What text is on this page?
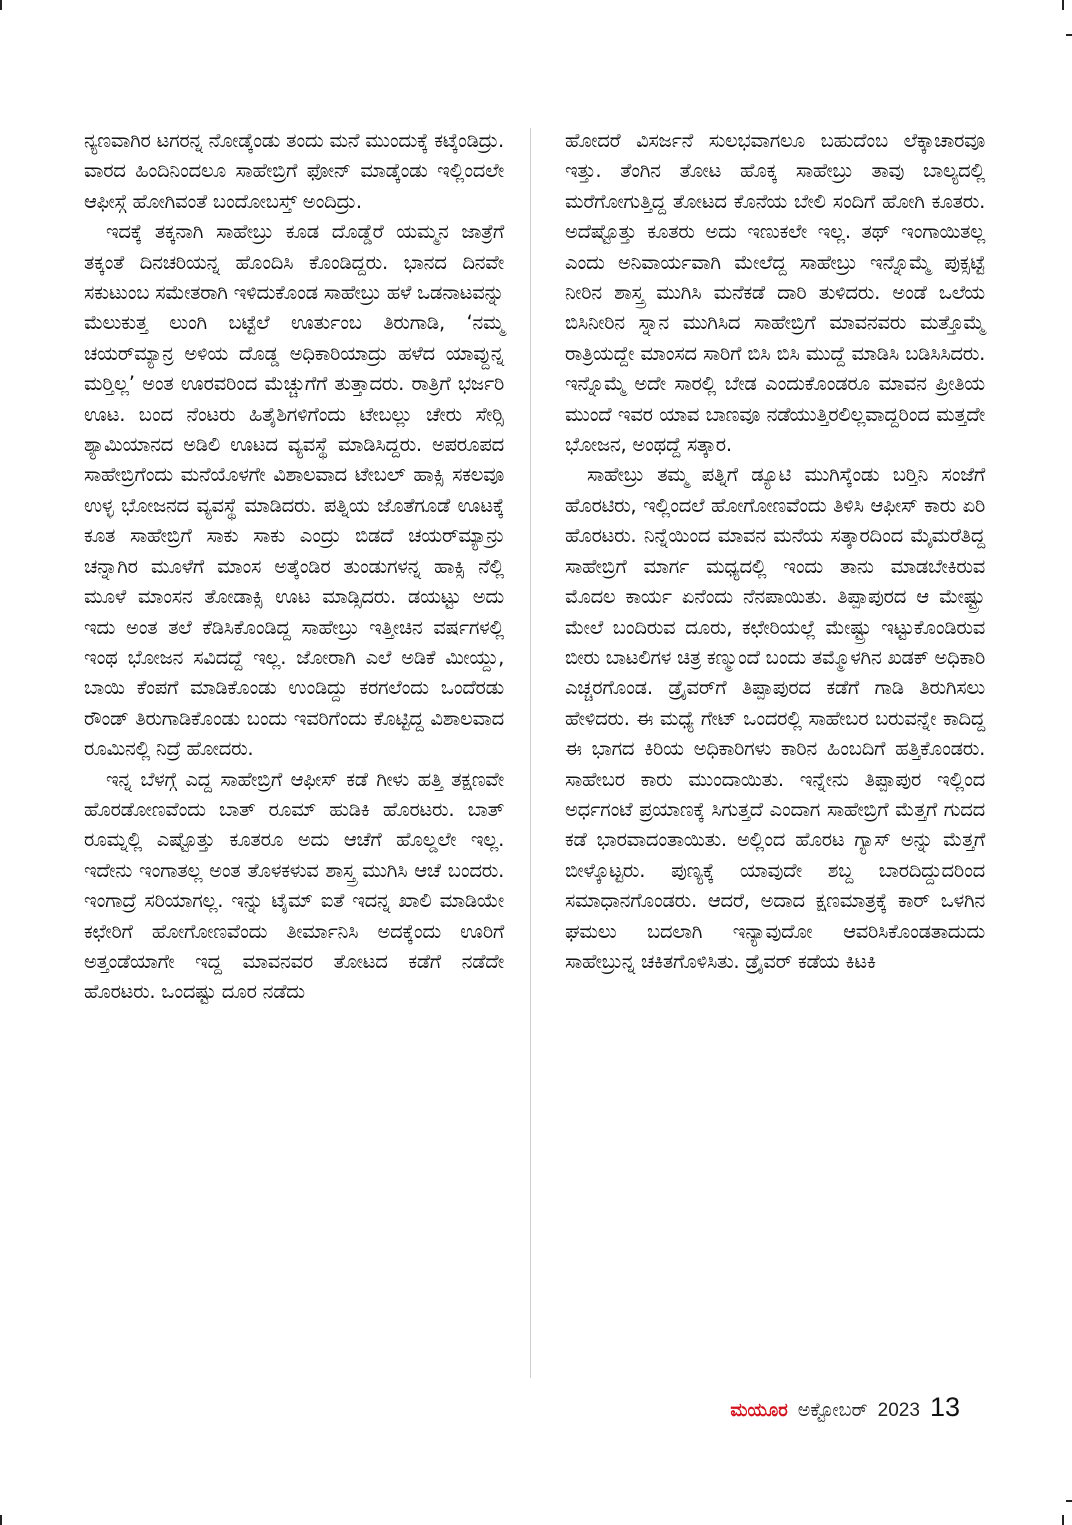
ನ್ಯಣವಾಗಿರ ಟಗರನ್ನ ನೋಡ್ಕೆಂಡು ತಂದು ಮನೆ ಮುಂದುಕ್ಕೆ ಕಟ್ಕೆಂಡಿದ್ರು. ವಾರದ ಹಿಂದಿನಿಂದಲೂ ಸಾಹೇಬ್ರಿಗೆ ಫೋನ್ ಮಾಡ್ಕೆಂಡು ಇಲ್ಲಿಂದಲೇ ಆಫೀಸ್ಗೆ ಹೋಗಿವಂತೆ ಬಂದೋಬಸ್ತ್ ಅಂದಿದ್ರು.

ಇದಕ್ಕೆ ತಕ್ಕನಾಗಿ ಸಾಹೇಬ್ರು ಕೂಡ ದೊಡ್ಡೆರೆ ಯಮ್ಮನ ಜಾತ್ರೆಗೆ ತಕ್ಕಂತೆ ದಿನಚರಿಯನ್ನ ಹೊಂದಿಸಿ ಕೊಂಡಿದ್ದರು. ಭಾನದ ದಿನವೇ ಸಕುಟುಂಬ ಸಮೇತರಾಗಿ ಇಳಿದುಕೊಂಡ ಸಾಹೇಬ್ರು ಹಳೆ ಒಡನಾಟವನ್ನು ಮೆಲುಕುತ್ತ ಲುಂಗಿ ಬಟ್ಟೆಲೆ ಊರ್ತುಂಬ ತಿರುಗಾಡಿ, ‘ನಮ್ಮ ಚಯರ್‌ಮ್ಯಾನ್ರ ಅಳಿಯ ದೊಡ್ಡ ಅಧಿಕಾರಿಯಾದ್ರು ಹಳೆದ ಯಾವ್ದುನ್ನ ಮರ್‍ತಿಲ್ಲ’ ಅಂತ ಊರವರಿಂದ ಮೆಚ್ಚುಗೆಗೆ ತುತ್ತಾದರು. ರಾತ್ರಿಗೆ ಭರ್ಜರಿ ಊಟ. ಬಂದ ನೆಂಟರು ಹಿತೈಶಿಗಳಿಗೆಂದು ಟೇಬಲ್ಲು ಚೇರು ಸೇರ್‍ಸಿ ಶ್ಯಾಮಿಯಾನದ ಅಡಿಲಿ ಊಟದ ವ್ಯವಸ್ಥೆ ಮಾಡಿಸಿದ್ದರು. ಅಪರೂಪದ ಸಾಹೇಬ್ರಿಗೆಂದು ಮನೆಯೊಳಗೇ ವಿಶಾಲವಾದ ಟೇಬಲ್ ಹಾಕ್ಸಿ ಸಕಲವೂ ಉಳ್ಳ ಭೋಜನದ ವ್ಯವಸ್ಥೆ ಮಾಡಿದರು. ಪತ್ನಿಯ ಜೊತೆಗೂಡೆ ಊಟಕ್ಕೆ ಕೂತ ಸಾಹೇಬ್ರಿಗೆ ಸಾಕು ಸಾಕು ಎಂದ್ರು ಬಿಡದೆ ಚಯರ್‌ಮ್ಯಾನ್ರು ಚನ್ನಾಗಿರ ಮೂಳೆಗೆ ಮಾಂಸ ಅತ್ಕೆಂಡಿರ ತುಂಡುಗಳನ್ನ ಹಾಕ್ಸಿ ನೆಲ್ಲಿ ಮೂಳೆ ಮಾಂಸನ ತೋಡಾಕ್ಸಿ ಊಟ ಮಾಡ್ಸಿದರು. ಡಯಟ್ಟು ಅದು ಇದು ಅಂತ ತಲೆ ಕೆಡಿಸಿಕೊಂಡಿದ್ದ ಸಾಹೇಬ್ರು ಇತ್ತೀಚಿನ ವರ್ಷಗಳಲ್ಲಿ ಇಂಥ ಭೋಜನ ಸವಿದದ್ದೆ ಇಲ್ಲ. ಜೋರಾಗಿ ಎಲೆ ಅಡಿಕೆ ಮೀಯ್ದು, ಬಾಯಿ ಕೆಂಪಗೆ ಮಾಡಿಕೊಂಡು ಉಂಡಿದ್ದು ಕರಗಲೆಂದು ಒಂದೆರಡು ರೌಂಡ್ ತಿರುಗಾಡಿಕೊಂಡು ಬಂದು ಇವರಿಗೆಂದು ಕೊಟ್ಟಿದ್ದ ವಿಶಾಲವಾದ ರೂಮಿನಲ್ಲಿ ನಿದ್ರೆ ಹೋದರು.

ಇನ್ನ ಬೆಳಗ್ಗೆ ಎದ್ದ ಸಾಹೇಬ್ರಿಗೆ ಆಫೀಸ್ ಕಡೆ ಗೀಳು ಹತ್ತಿ ತಕ್ಷಣವೇ ಹೊರಡೋಣವೆಂದು ಬಾತ್ ರೂಮ್ ಹುಡಿಕಿ ಹೊರಟರು. ಬಾತ್ ರೂಮ್ನಲ್ಲಿ ಎಷ್ಟೊತ್ತು ಕೂತರೂ ಅದು ಆಚೆಗೆ ಹೊಲ್ಡಲೇ ಇಲ್ಲ. ಇದೇನು ಇಂಗಾತಲ್ಲ ಅಂತ ತೊಳಕಳುವ ಶಾಸ್ತ್ರ ಮುಗಿಸಿ ಆಚೆ ಬಂದರು. ಇಂಗಾದ್ರೆ ಸರಿಯಾಗಲ್ಲ. ಇನ್ನು ಟೈಮ್ ಐತೆ ಇದನ್ನ ಖಾಲಿ ಮಾಡಿಯೇ ಕಛೇರಿಗೆ ಹೋಗೋಣವೆಂದು ತೀರ್ಮಾನಿಸಿ ಅದಕ್ಕೆಂದು ಊರಿಗೆ ಅತ್ತಂಡೆಯಾಗೇ ಇದ್ದ ಮಾವನವರ ತೋಟದ ಕಡೆಗೆ ನಡೆದೇ ಹೊರಟರು. ಒಂದಷ್ಟು ದೂರ ನಡೆದು

ಹೋದರೆ ವಿಸರ್ಜನೆ ಸುಲಭವಾಗಲೂ ಬಹುದೆಂಬ ಲೆಕ್ಕಾಚಾರವೂ ಇತ್ತು. ತೆಂಗಿನ ತೋಟ ಹೊಕ್ಕ ಸಾಹೇಬ್ರು ತಾವು ಬಾಲ್ಯದಲ್ಲಿ ಮರೆಗೋಗುತ್ತಿದ್ದ ತೋಟದ ಕೊನೆಯ ಬೇಲಿ ಸಂದಿಗೆ ಹೋಗಿ ಕೂತರು. ಅದೆಷ್ಟೊತ್ತು ಕೂತರು ಅದು ಇಣುಕಲೇ ಇಲ್ಲ. ತಥ್ ಇಂಗಾಯಿತಲ್ಲ ಎಂದು ಅನಿವಾರ್ಯವಾಗಿ ಮೇಲೆದ್ದ ಸಾಹೇಬ್ರು ಇನ್ನೊಮ್ಮೆ ಪುಕ್ಸಟ್ಟೆ ನೀರಿನ ಶಾಸ್ತ್ರ ಮುಗಿಸಿ ಮನೆಕಡೆ ದಾರಿ ತುಳಿದರು. ಅಂಡೆ ಒಲೆಯ ಬಿಸಿನೀರಿನ ಸ್ನಾನ ಮುಗಿಸಿದ ಸಾಹೇಬ್ರಿಗೆ ಮಾವನವರು ಮತ್ತೊಮ್ಮೆ ರಾತ್ರಿಯದ್ದೇ ಮಾಂಸದ ಸಾರಿಗೆ ಬಿಸಿ ಬಿಸಿ ಮುದ್ದೆ ಮಾಡಿಸಿ ಬಡಿಸಿಸಿದರು. ಇನ್ನೊಮ್ಮೆ ಅದೇ ಸಾರಲ್ಲಿ ಬೇಡ ಎಂದುಕೊಂಡರೂ ಮಾವನ ಪ್ರೀತಿಯ ಮುಂದೆ ಇವರ ಯಾವ ಬಾಣವೂ ನಡೆಯುತ್ತಿರಲಿಲ್ಲವಾದ್ದರಿಂದ ಮತ್ತದೇ ಭೋಜನ, ಅಂಥದ್ದೆ ಸತ್ಕಾರ.

ಸಾಹೇಬ್ರು ತಮ್ಮ ಪತ್ನಿಗೆ ಡ್ಯೂಟಿ ಮುಗಿಸ್ಕೆಂಡು ಬರ್‍ತಿನಿ ಸಂಜೆಗೆ ಹೊರಟಿರು, ಇಲ್ಲಿಂದಲೆ ಹೋಗೋಣವೆಂದು ತಿಳಿಸಿ ಆಫೀಸ್ ಕಾರು ಏರಿ ಹೊರಟರು. ನಿನ್ನೆಯಿಂದ ಮಾವನ ಮನೆಯ ಸತ್ಕಾರದಿಂದ ಮೈಮರೆತಿದ್ದ ಸಾಹೇಬ್ರಿಗೆ ಮಾರ್ಗ ಮಧ್ಯದಲ್ಲಿ ಇಂದು ತಾನು ಮಾಡಬೇಕಿರುವ ಮೊದಲ ಕಾರ್ಯ ಏನೆಂದು ನೆನಪಾಯಿತು. ತಿಪ್ಪಾಪುರದ ಆ ಮೇಷ್ಟ್ರು ಮೇಲೆ ಬಂದಿರುವ ದೂರು, ಕಛೇರಿಯಲ್ಲೆ ಮೇಷ್ಟ್ರು ಇಟ್ಟುಕೊಂಡಿರುವ ಬೀರು ಬಾಟಲಿಗಳ ಚಿತ್ರ ಕಣ್ಮುಂದೆ ಬಂದು ತಮ್ಮೊಳಗಿನ ಖಡಕ್ ಅಧಿಕಾರಿ ಎಚ್ಚರಗೊಂಡ. ಡ್ರೈವರ್‌ಗೆ ತಿಪ್ಪಾಪುರದ ಕಡೆಗೆ ಗಾಡಿ ತಿರುಗಿಸಲು ಹೇಳಿದರು. ಈ ಮಧ್ಯೆ ಗೇಟ್ ಒಂದರಲ್ಲಿ ಸಾಹೇಬರ ಬರುವನ್ನೇ ಕಾದಿದ್ದ ಈ ಭಾಗದ ಕಿರಿಯ ಅಧಿಕಾರಿಗಳು ಕಾರಿನ ಹಿಂಬದಿಗೆ ಹತ್ತಿಕೊಂಡರು. ಸಾಹೇಬರ ಕಾರು ಮುಂದಾಯಿತು. ಇನ್ನೇನು ತಿಪ್ಪಾಪುರ ಇಲ್ಲಿಂದ ಅರ್ಧಗಂಟೆ ಪ್ರಯಾಣಕ್ಕೆ ಸಿಗುತ್ತದೆ ಎಂದಾಗ ಸಾಹೇಬ್ರಿಗೆ ಮೆತ್ತಗೆ ಗುದದ ಕಡೆ ಭಾರವಾದಂತಾಯಿತು. ಅಲ್ಲಿಂದ ಹೊರಟ ಗ್ಯಾಸ್ ಅನ್ನು ಮೆತ್ತಗೆ ಬೀಳ್ಕೊಟ್ಟರು. ಪುಣ್ಯಕ್ಕೆ ಯಾವುದೇ ಶಬ್ದ ಬಾರದಿದ್ದುದರಿಂದ ಸಮಾಧಾನಗೊಂಡರು. ಆದರೆ, ಅದಾದ ಕ್ಷಣಮಾತ್ರಕ್ಕೆ ಕಾರ್ ಒಳಗಿನ ಘಮಲು ಬದಲಾಗಿ ಇನ್ಯಾವುದೋ ಆವರಿಸಿಕೊಂಡತಾದುದು ಸಾಹೇಬ್ರುನ್ನ ಚಕಿತಗೊಳಿಸಿತು. ಡ್ರೈವರ್ ಕಡೆಯ ಕಿಟಕಿ

ಮಯೂರ ಅಕ್ಟೋಬರ್ 2023 13
